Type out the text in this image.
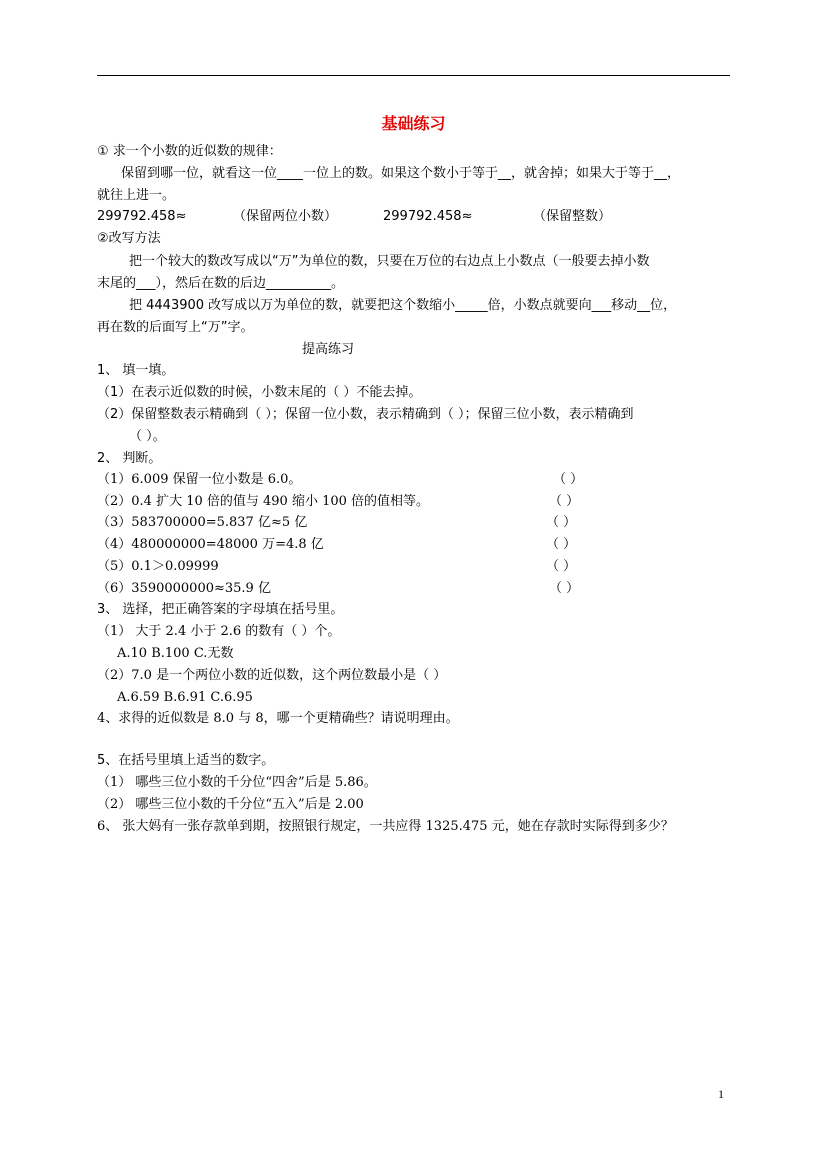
基础练习
① 求一个小数的近似数的规律：
保留到哪一位，就看这一位____一位上的数。如果这个数小于等于__，就舍掉；如果大于等于__，
就往上进一。
299792.458≈	（保留两位小数）	299792.458≈	（保留整数）
②改写方法
把一个较大的数改写成以“万”为单位的数，只要在万位的右边点上小数点（一般要去掉小数
末尾的___），然后在数的后边__________。
把 4443900 改写成以万为单位的数，就要把这个数缩小_____倍，小数点就要向___移动__位，
再在数的后面写上“万”字。
提高练习
1、 填一填。
（1）在表示近似数的时候，小数末尾的（ ）不能去掉。
（2）保留整数表示精确到（ ）；保留一位小数，表示精确到（ ）；保留三位小数，表示精确到
（ ）。
2、 判断。
（1）6.009 保留一位小数是 6.0。	（ ）
（2）0.4 扩大 10 倍的值与 490 缩小 100 倍的值相等。	（ ）
（3）583700000=5.837 亿≈5 亿	（ ）
（4）480000000=48000 万=4.8 亿	（ ）
（5）0.1＞0.09999	（ ）
（6）3590000000≈35.9 亿	（ ）
3、 选择，把正确答案的字母填在括号里。
（1） 大于 2.4 小于 2.6 的数有（ ）个。
A.10 B.100 C.无数
（2）7.0 是一个两位小数的近似数，这个两位数最小是（ ）
A.6.59 B.6.91 C.6.95
4、求得的近似数是 8.0 与 8，哪一个更精确些？请说明理由。
5、在括号里填上适当的数字。
（1） 哪些三位小数的千分位“四舍”后是 5.86。
（2） 哪些三位小数的千分位“五入”后是 2.00
6、 张大妈有一张存款单到期，按照银行规定，一共应得 1325.475 元，她在存款时实际得到多少？
1
